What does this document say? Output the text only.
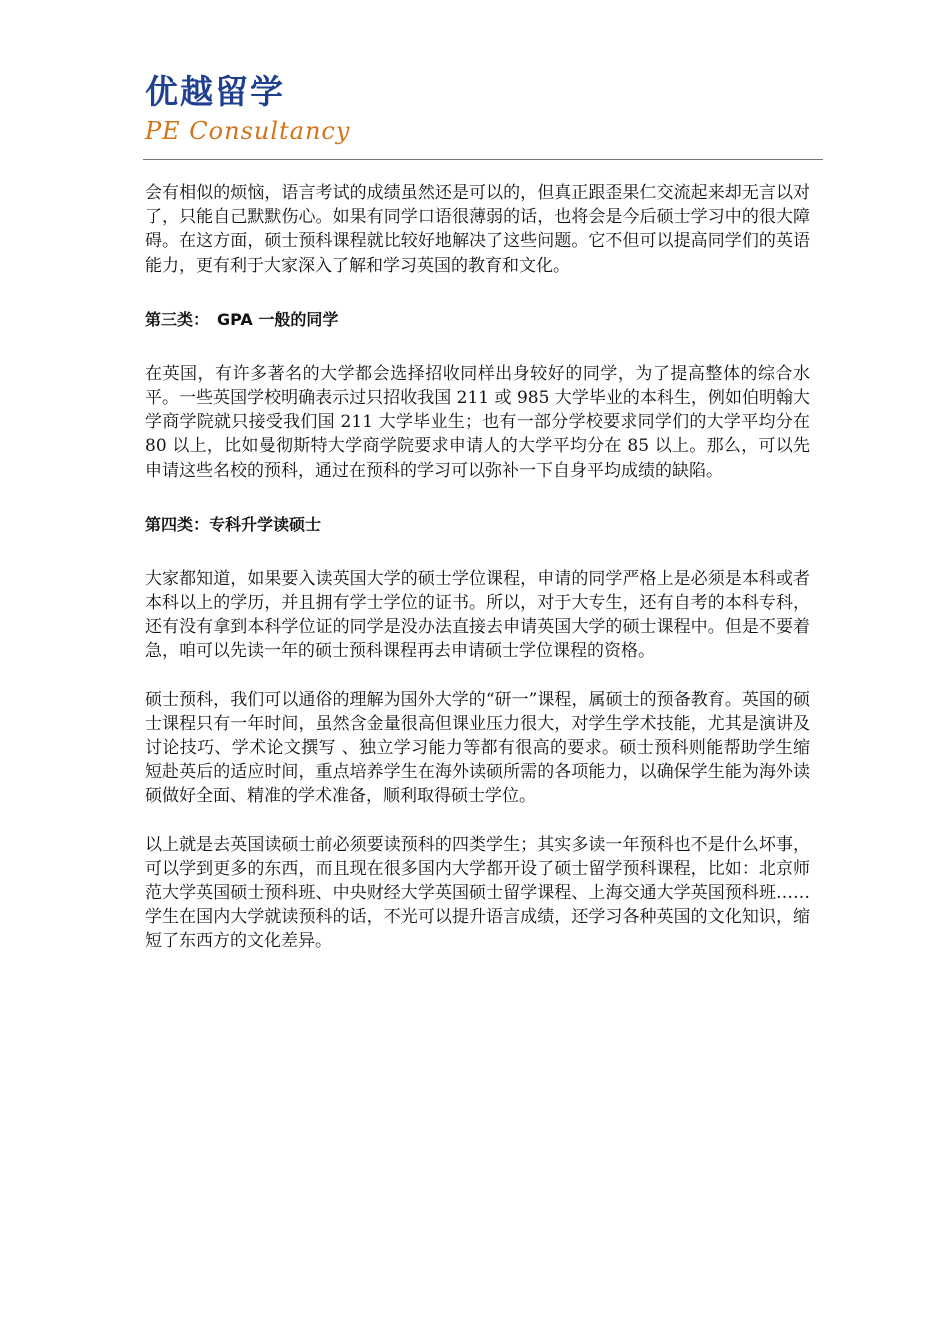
优越留学
PE Consultancy

会有相似的烦恼，语言考试的成绩虽然还是可以的，但真正跟歪果仁交流起来却无言以对了，只能自己默默伤心。如果有同学口语很薄弱的话，也将会是今后硕士学习中的很大障碍。在这方面，硕士预科课程就比较好地解决了这些问题。它不但可以提高同学们的英语能力，更有利于大家深入了解和学习英国的教育和文化。

第三类：　GPA 一般的同学

在英国，有许多著名的大学都会选择招收同样出身较好的同学，为了提高整体的综合水平。一些英国学校明确表示过只招收我国 211 或 985 大学毕业的本科生，例如伯明翰大学商学院就只接受我们国 211 大学毕业生；也有一部分学校要求同学们的大学平均分在 80 以上，比如曼彻斯特大学商学院要求申请人的大学平均分在 85 以上。那么，可以先申请这些名校的预科，通过在预科的学习可以弥补一下自身平均成绩的缺陷。

第四类：专科升学读硕士

大家都知道，如果要入读英国大学的硕士学位课程，申请的同学严格上是必须是本科或者本科以上的学历，并且拥有学士学位的证书。所以，对于大专生，还有自考的本科专科，还有没有拿到本科学位证的同学是没办法直接去申请英国大学的硕士课程中。但是不要着急，咱可以先读一年的硕士预科课程再去申请硕士学位课程的资格。

硕士预科，我们可以通俗的理解为国外大学的“研一”课程，属硕士的预备教育。英国的硕士课程只有一年时间，虽然含金量很高但课业压力很大，对学生学术技能，尤其是演讲及讨论技巧、学术论文撰写 、独立学习能力等都有很高的要求。硕士预科则能帮助学生缩短赴英后的适应时间，重点培养学生在海外读硕所需的各项能力，以确保学生能为海外读硕做好全面、精准的学术准备，顺利取得硕士学位。

以上就是去英国读硕士前必须要读预科的四类学生；其实多读一年预科也不是什么坏事，可以学到更多的东西，而且现在很多国内大学都开设了硕士留学预科课程，比如：北京师范大学英国硕士预科班、中央财经大学英国硕士留学课程、上海交通大学英国预科班……学生在国内大学就读预科的话，不光可以提升语言成绩，还学习各种英国的文化知识，缩短了东西方的文化差异。
